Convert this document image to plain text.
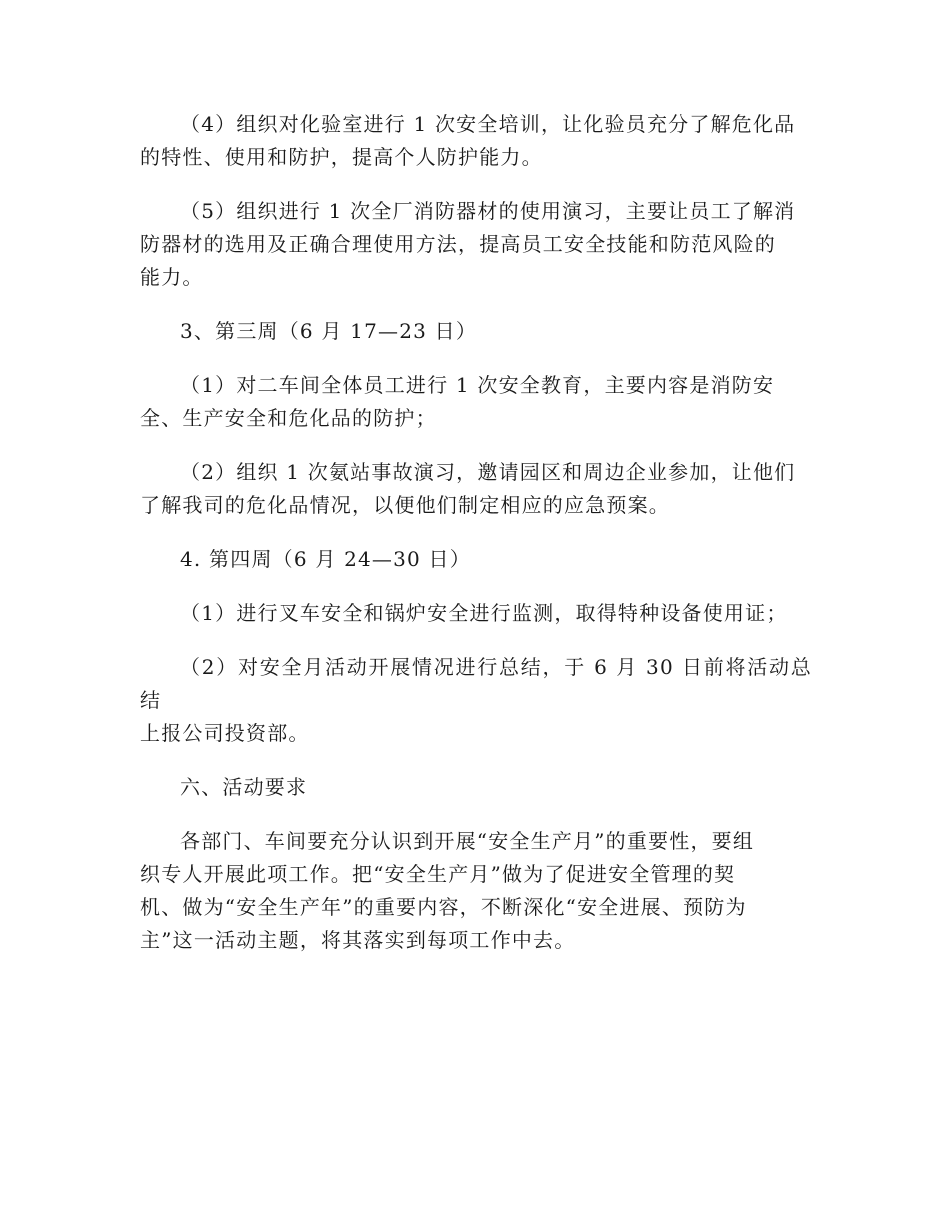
（4）组织对化验室进行 1 次安全培训，让化验员充分了解危化品
的特性、使用和防护，提高个人防护能力。

（5）组织进行 1 次全厂消防器材的使用演习，主要让员工了解消
防器材的选用及正确合理使用方法，提高员工安全技能和防范风险的
能力。

3、第三周（6 月 17—23 日）

（1）对二车间全体员工进行 1 次安全教育，主要内容是消防安
全、生产安全和危化品的防护；

（2）组织 1 次氨站事故演习，邀请园区和周边企业参加，让他们
了解我司的危化品情况，以便他们制定相应的应急预案。

4. 第四周（6 月 24—30 日）

（1）进行叉车安全和锅炉安全进行监测，取得特种设备使用证；

（2）对安全月活动开展情况进行总结，于 6 月 30 日前将活动总结
上报公司投资部。

六、活动要求

各部门、车间要充分认识到开展“安全生产月”的重要性，要组
织专人开展此项工作。把“安全生产月”做为了促进安全管理的契
机、做为“安全生产年”的重要内容，不断深化“安全进展、预防为
主”这一活动主题，将其落实到每项工作中去。
